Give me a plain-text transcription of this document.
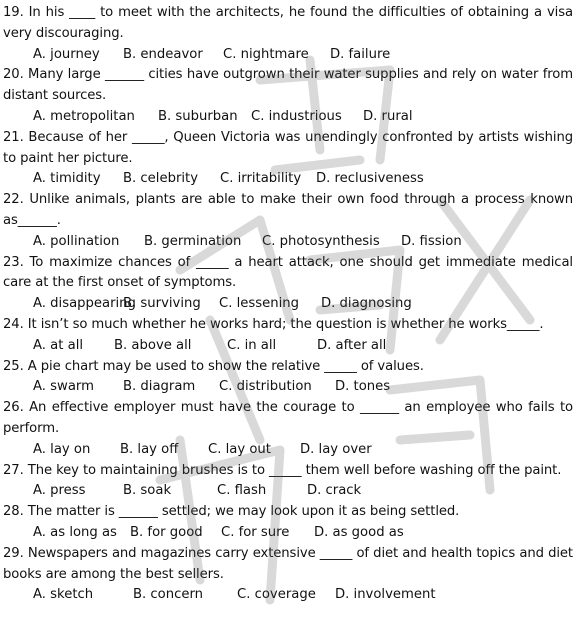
19. In his ____ to meet with the architects, he found the difficulties of obtaining a visa very discouraging.
A. journey	B. endeavor	C. nightmare	D. failure
20. Many large ______ cities have outgrown their water supplies and rely on water from distant sources.
A. metropolitan	B. suburban	C. industrious	D. rural
21. Because of her _____, Queen Victoria was unendingly confronted by artists wishing to paint her picture.
A. timidity	B. celebrity	C. irritability	D. reclusiveness
22. Unlike animals, plants are able to make their own food through a process known as______.
A. pollination	B. germination	C. photosynthesis	D. fission
23. To maximize chances of _____ a heart attack, one should get immediate medical care at the first onset of symptoms.
A. disappearing
B. surviving	C. lessening	D. diagnosing
24. It isn’t so much whether he works hard; the question is whether he works_____.
A. at all	B. above all	C. in all	D. after all
25. A pie chart may be used to show the relative _____ of values.
A. swarm	B. diagram	C. distribution	D. tones
26. An effective employer must have the courage to ______ an employee who fails to perform.
A. lay on	B. lay off	C. lay out	D. lay over
27. The key to maintaining brushes is to _____ them well before washing off the paint.
A. press	B. soak	C. flash	D. crack
28. The matter is ______ settled; we may look upon it as being settled.
A. as long as B. for good	C. for sure	D. as good as
29. Newspapers and magazines carry extensive _____ of diet and health topics and diet books are among the best sellers.
A. sketch	B. concern	C. coverage	D. involvement
